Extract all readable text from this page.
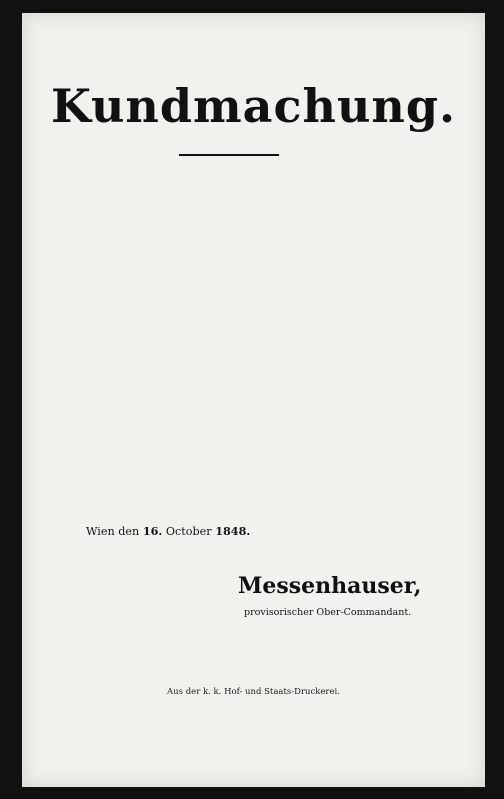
Kundmachung.

Wien den 16. October 1848.
Messenhauser,
provisorischer Ober-Commandant.
Aus der k. k. Hof- und Staats-Druckerei.
